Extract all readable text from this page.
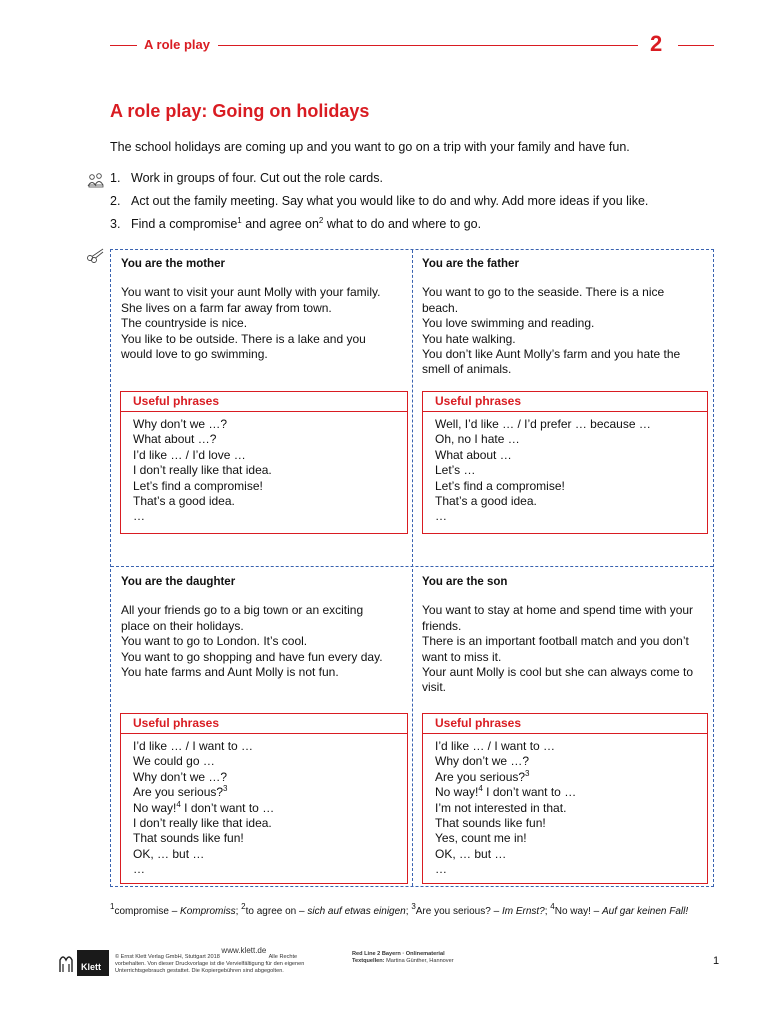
A role play	2
A role play: Going on holidays
The school holidays are coming up and you want to go on a trip with your family and have fun.
1. Work in groups of four. Cut out the role cards.
2. Act out the family meeting. Say what you would like to do and why. Add more ideas if you like.
3. Find a compromise$^1$ and agree $on^2$ what to do and where to go.
You are the mother
You want to visit your aunt Molly with your family.
She lives on a farm far away from town.
The countryside is nice.
You like to be outside. There is a lake and you
would love to go swimming.
Useful phrases
Why don’t we …?
What about …?
I’d like … / I’d love …
I don’t really like that idea.
Let’s find a compromise!
That’s a good idea.
…
You are the father
You want to go to the seaside. There is a nice
beach.
You love swimming and reading.
You hate walking.
You don’t like Aunt Molly’s farm and you hate the
smell of animals.
Useful phrases
Well, I’d like … / I’d prefer … because …
Oh, no I hate …
What about …
Let’s …
Let’s find a compromise!
That’s a good idea.
…
You are the daughter
All your friends go to a big town or an exciting
place on their holidays.
You want to go to London. It’s cool.
You want to go shopping and have fun every day.
You hate farms and Aunt Molly is not fun.
Useful phrases
I’d like … / I want to …
We could go …
Why don’t we …?
Are you serious?$^3$
No way!$^4$ I don’t want to …
I don’t really like that idea.
That sounds like fun!
OK, … but …
…
You are the son
You want to stay at home and spend time with your
friends.
There is an important football match and you don’t
want to miss it.
Your aunt Molly is cool but she can always come to
visit.
Useful phrases
I’d like … / I want to …
Why don’t we …?
Are you serious?$^3$
No way!$^4$ I don’t want to …
I’m not interested in that.
That sounds like fun!
Yes, count me in!
OK, … but …
…
$^1$compromise – Kompromiss; $^2$to agree on – sich auf etwas einigen; $^3$Are you serious? – Im Ernst?; $^4$No way! – Auf gar keinen Fall!
Klett
© Ernst Klett Verlag GmbH, Stuttgart 2018 $^{www.klett.de}$ Alle Rechte
vorbehalten. Von dieser Druckvorlage ist die Vervielfältigung für den eigenen
Unterrichtsgebrauch gestattet. Die Kopiergebühren sind abgegolten.
Red Line 2 Bayern · Onlinematerial
Textquellen: Martina Günther, Hannover	1
